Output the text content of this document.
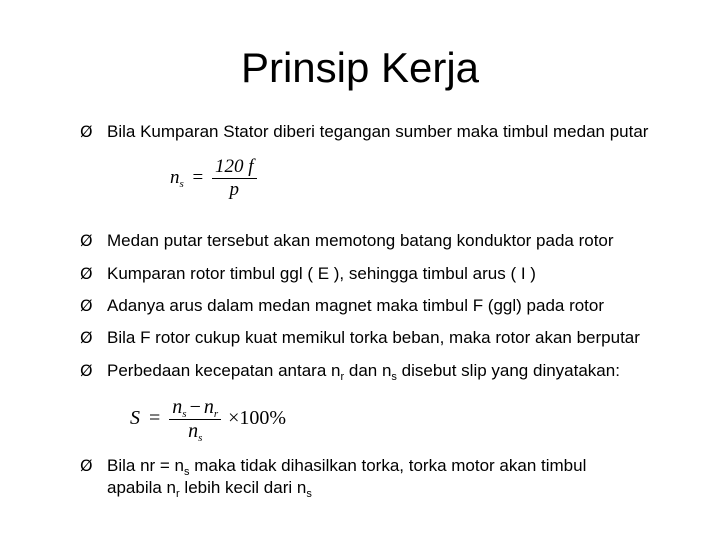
Prinsip Kerja
Ø Bila Kumparan Stator diberi tegangan sumber maka timbul medan putar
$n_s = \frac{120 f}{p}$
Ø Medan putar tersebut akan memotong batang konduktor pada rotor
Ø Kumparan rotor timbul ggl ( E ), sehingga timbul arus ( I )
Ø Adanya arus dalam medan magnet maka timbul F (ggl) pada rotor
Ø Bila F rotor cukup kuat memikul torka beban, maka rotor akan berputar
Ø Perbedaan kecepatan antara $n_r$ dan $n_s$ disebut slip yang dinyatakan:
$S = \frac{n_s - n_r}{n_s} \times 100\%$
Ø Bila nr = $n_s$ maka tidak dihasilkan torka, torka motor akan timbul
apabila $n_r$ lebih kecil dari $n_s$
